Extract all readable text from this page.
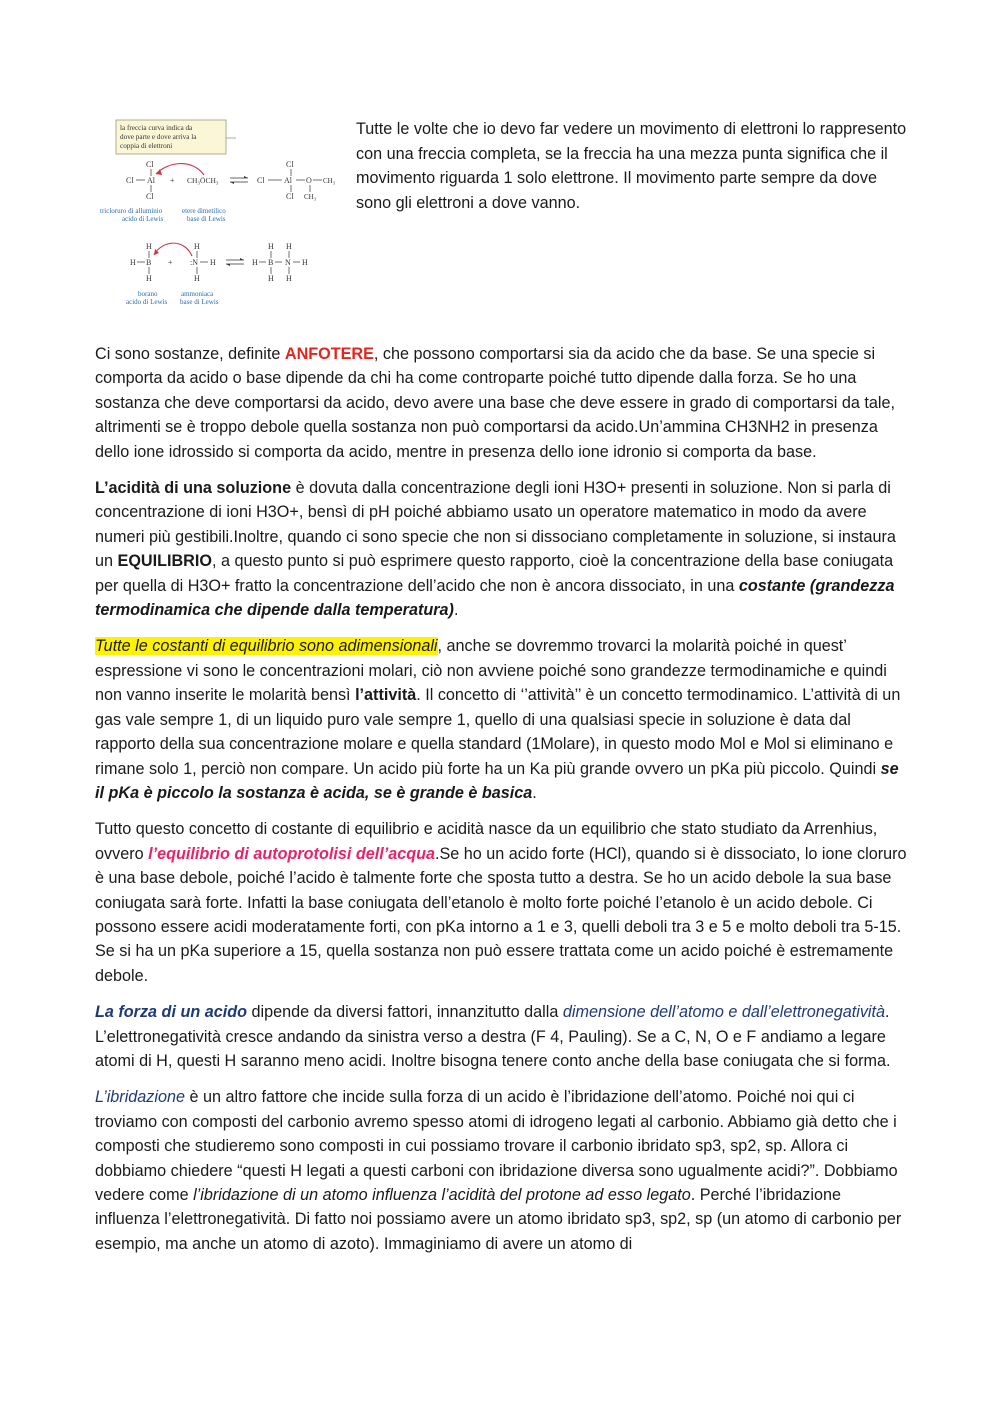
la freccia curva indica da
dove parte e dove arriva la
coppia di elettroni
Cl
Cl Al
Cl
+ CH₃ÖCH₃
Cl
Cl Al
Cl
O CH₃
CH₃
tricloruro di alluminio
acido di Lewis
etere dimetilico
base di Lewis
H
H B
H
+
H
:N H
H
H H
H B N H
H H
borano
acido di Lewis
ammoniaca
base di Lewis

Tutte le volte che io devo far vedere un movimento di elettroni lo rappresento con una freccia completa, se la freccia ha una mezza punta significa che il movimento riguarda 1 solo elettrone. Il movimento parte sempre da dove sono gli elettroni a dove vanno.

Ci sono sostanze, definite ANFOTERE, che possono comportarsi sia da acido che da base. Se una specie si comporta da acido o base dipende da chi ha come controparte poiché tutto dipende dalla forza. Se ho una sostanza che deve comportarsi da acido, devo avere una base che deve essere in grado di comportarsi da tale, altrimenti se è troppo debole quella sostanza non può comportarsi da acido.Un’ammina CH3NH2 in presenza dello ione idrossido si comporta da acido, mentre in presenza dello ione idronio si comporta da base.

L’acidità di una soluzione è dovuta dalla concentrazione degli ioni H3O+ presenti in soluzione. Non si parla di concentrazione di ioni H3O+, bensì di pH poiché abbiamo usato un operatore matematico in modo da avere numeri più gestibili.Inoltre, quando ci sono specie che non si dissociano completamente in soluzione, si instaura un EQUILIBRIO, a questo punto si può esprimere questo rapporto, cioè la concentrazione della base coniugata per quella di H3O+ fratto la concentrazione dell’acido che non è ancora dissociato, in una costante (grandezza termodinamica che dipende dalla temperatura).

Tutte le costanti di equilibrio sono adimensionali, anche se dovremmo trovarci la molarità poiché in quest’ espressione vi sono le concentrazioni molari, ciò non avviene poiché sono grandezze termodinamiche e quindi non vanno inserite le molarità bensì l’attività. Il concetto di ‘’attività’’ è un concetto termodinamico. L’attività di un gas vale sempre 1, di un liquido puro vale sempre 1, quello di una qualsiasi specie in soluzione è data dal rapporto della sua concentrazione molare e quella standard (1Molare), in questo modo Mol e Mol si eliminano e rimane solo 1, perciò non compare. Un acido più forte ha un Ka più grande ovvero un pKa più piccolo. Quindi se il pKa è piccolo la sostanza è acida, se è grande è basica.

Tutto questo concetto di costante di equilibrio e acidità nasce da un equilibrio che stato studiato da Arrenhius, ovvero l’equilibrio di autoprotolisi dell’acqua.Se ho un acido forte (HCl), quando si è dissociato, lo ione cloruro è una base debole, poiché l’acido è talmente forte che sposta tutto a destra. Se ho un acido debole la sua base coniugata sarà forte. Infatti la base coniugata dell’etanolo è molto forte poiché l’etanolo è un acido debole. Ci possono essere acidi moderatamente forti, con pKa intorno a 1 e 3, quelli deboli tra 3 e 5 e molto deboli tra 5-15. Se si ha un pKa superiore a 15, quella sostanza non può essere trattata come un acido poiché è estremamente debole.

La forza di un acido dipende da diversi fattori, innanzitutto dalla dimensione dell’atomo e dall’elettronegatività. L’elettronegatività cresce andando da sinistra verso a destra (F 4, Pauling). Se a C, N, O e F andiamo a legare atomi di H, questi H saranno meno acidi. Inoltre bisogna tenere conto anche della base coniugata che si forma.

L’ibridazione è un altro fattore che incide sulla forza di un acido è l’ibridazione dell’atomo. Poiché noi qui ci troviamo con composti del carbonio avremo spesso atomi di idrogeno legati al carbonio. Abbiamo già detto che i composti che studieremo sono composti in cui possiamo trovare il carbonio ibridato sp3, sp2, sp. Allora ci dobbiamo chiedere “questi H legati a questi carboni con ibridazione diversa sono ugualmente acidi?”. Dobbiamo vedere come l’ibridazione di un atomo influenza l’acidità del protone ad esso legato. Perché l’ibridazione influenza l’elettronegatività. Di fatto noi possiamo avere un atomo ibridato sp3, sp2, sp (un atomo di carbonio per esempio, ma anche un atomo di azoto). Immaginiamo di avere un atomo di
